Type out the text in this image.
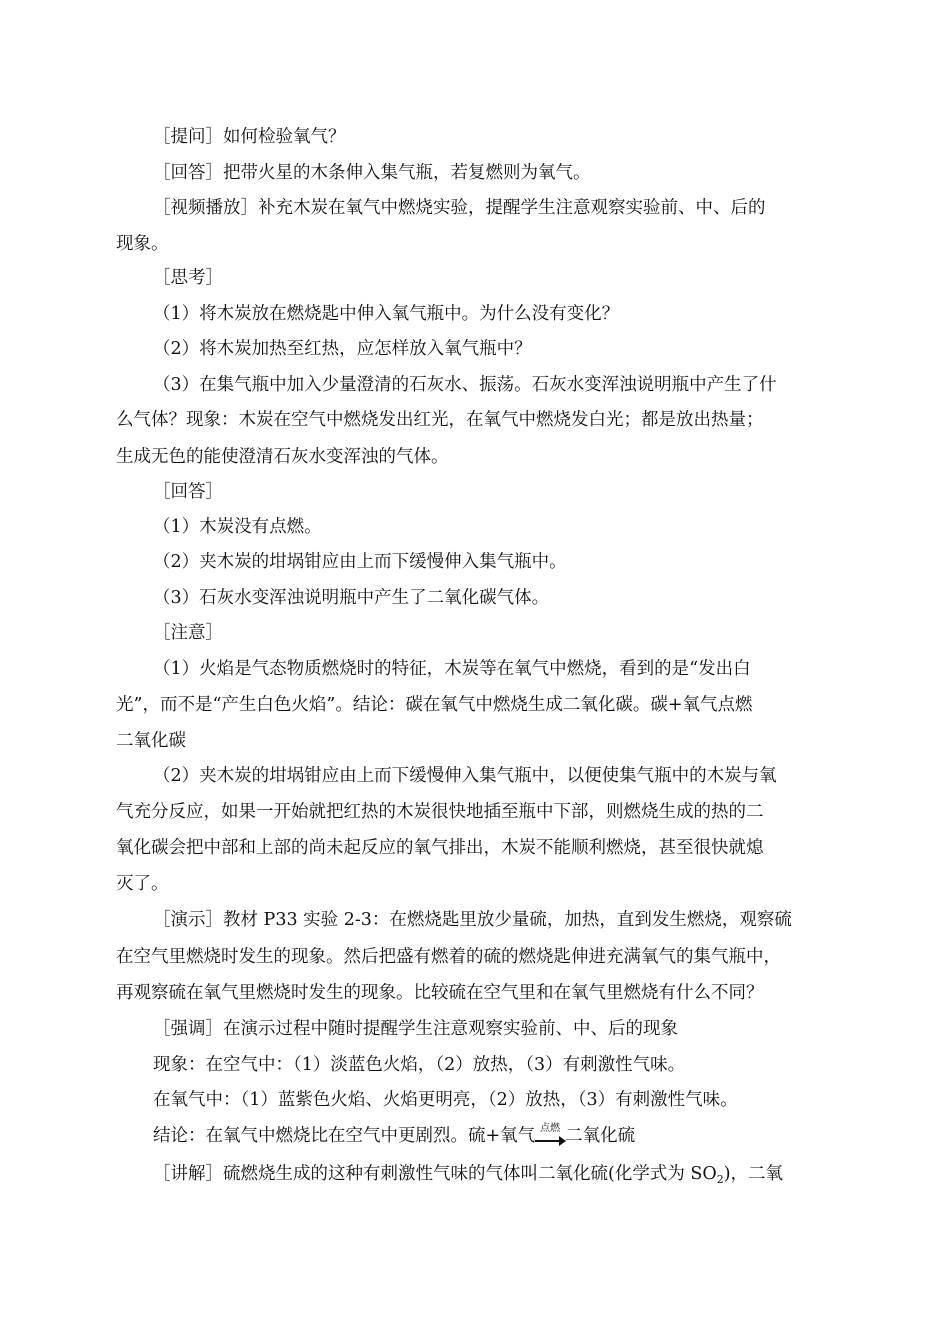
［提问］如何检验氧气？
［回答］把带火星的木条伸入集气瓶，若复燃则为氧气。
［视频播放］补充木炭在氧气中燃烧实验，提醒学生注意观察实验前、中、后的
现象。
［思考］
（1）将木炭放在燃烧匙中伸入氧气瓶中。为什么没有变化？
（2）将木炭加热至红热，应怎样放入氧气瓶中？
（3）在集气瓶中加入少量澄清的石灰水、振荡。石灰水变浑浊说明瓶中产生了什
么气体？现象：木炭在空气中燃烧发出红光，在氧气中燃烧发白光；都是放出热量；
生成无色的能使澄清石灰水变浑浊的气体。
［回答］
（1）木炭没有点燃。
（2）夹木炭的坩埚钳应由上而下缓慢伸入集气瓶中。
（3）石灰水变浑浊说明瓶中产生了二氧化碳气体。
［注意］
（1）火焰是气态物质燃烧时的特征，木炭等在氧气中燃烧，看到的是“发出白
光”，而不是“产生白色火焰”。结论：碳在氧气中燃烧生成二氧化碳。碳+氧气点燃
二氧化碳
（2）夹木炭的坩埚钳应由上而下缓慢伸入集气瓶中，以便使集气瓶中的木炭与氧
气充分反应，如果一开始就把红热的木炭很快地插至瓶中下部，则燃烧生成的热的二
氧化碳会把中部和上部的尚未起反应的氧气排出，木炭不能顺利燃烧，甚至很快就熄
灭了。
［演示］教材 P33 实验 2-3：在燃烧匙里放少量硫，加热，直到发生燃烧，观察硫
在空气里燃烧时发生的现象。然后把盛有燃着的硫的燃烧匙伸进充满氧气的集气瓶中，
再观察硫在氧气里燃烧时发生的现象。比较硫在空气里和在氧气里燃烧有什么不同？
［强调］在演示过程中随时提醒学生注意观察实验前、中、后的现象
现象：在空气中：（1）淡蓝色火焰，（2）放热，（3）有刺激性气味。
在氧气中：（1）蓝紫色火焰、火焰更明亮，（2）放热，（3）有刺激性气味。
结论：在氧气中燃烧比在空气中更剧烈。硫+氧气 点燃 二氧化硫
［讲解］硫燃烧生成的这种有刺激性气味的气体叫二氧化硫(化学式为 $SO_2$)，二氧
